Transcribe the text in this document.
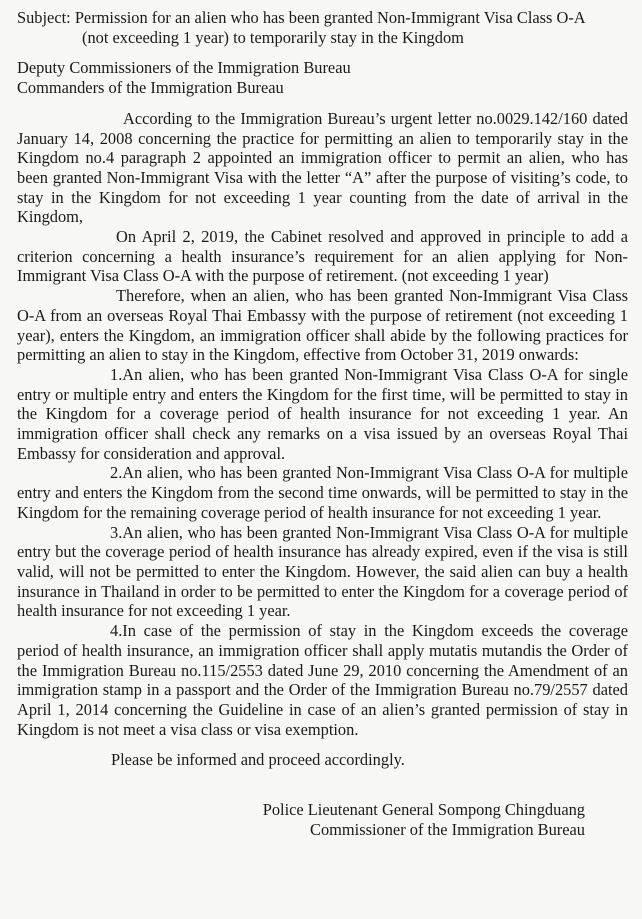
Subject: Permission for an alien who has been granted Non-Immigrant Visa Class O-A
(not exceeding 1 year) to temporarily stay in the Kingdom
Deputy Commissioners of the Immigration Bureau
Commanders of the Immigration Bureau

According to the Immigration Bureau’s urgent letter no.0029.142/160 dated January 14, 2008 concerning the practice for permitting an alien to temporarily stay in the Kingdom no.4 paragraph 2 appointed an immigration officer to permit an alien, who has been granted Non-Immigrant Visa with the letter “A” after the purpose of visiting’s code, to stay in the Kingdom for not exceeding 1 year counting from the date of arrival in the Kingdom,

On April 2, 2019, the Cabinet resolved and approved in principle to add a criterion concerning a health insurance’s requirement for an alien applying for Non-Immigrant Visa Class O-A with the purpose of retirement. (not exceeding 1 year)

Therefore, when an alien, who has been granted Non-Immigrant Visa Class O-A from an overseas Royal Thai Embassy with the purpose of retirement (not exceeding 1 year), enters the Kingdom, an immigration officer shall abide by the following practices for permitting an alien to stay in the Kingdom, effective from October 31, 2019 onwards:

1.An alien, who has been granted Non-Immigrant Visa Class O-A for single entry or multiple entry and enters the Kingdom for the first time, will be permitted to stay in the Kingdom for a coverage period of health insurance for not exceeding 1 year. An immigration officer shall check any remarks on a visa issued by an overseas Royal Thai Embassy for consideration and approval.

2.An alien, who has been granted Non-Immigrant Visa Class O-A for multiple entry and enters the Kingdom from the second time onwards, will be permitted to stay in the Kingdom for the remaining coverage period of health insurance for not exceeding 1 year.

3.An alien, who has been granted Non-Immigrant Visa Class O-A for multiple entry but the coverage period of health insurance has already expired, even if the visa is still valid, will not be permitted to enter the Kingdom. However, the said alien can buy a health insurance in Thailand in order to be permitted to enter the Kingdom for a coverage period of health insurance for not exceeding 1 year.

4.In case of the permission of stay in the Kingdom exceeds the coverage period of health insurance, an immigration officer shall apply mutatis mutandis the Order of the Immigration Bureau no.115/2553 dated June 29, 2010 concerning the Amendment of an immigration stamp in a passport and the Order of the Immigration Bureau no.79/2557 dated April 1, 2014 concerning the Guideline in case of an alien’s granted permission of stay in Kingdom is not meet a visa class or visa exemption.

Please be informed and proceed accordingly.
Police Lieutenant General Sompong Chingduang
Commissioner of the Immigration Bureau
